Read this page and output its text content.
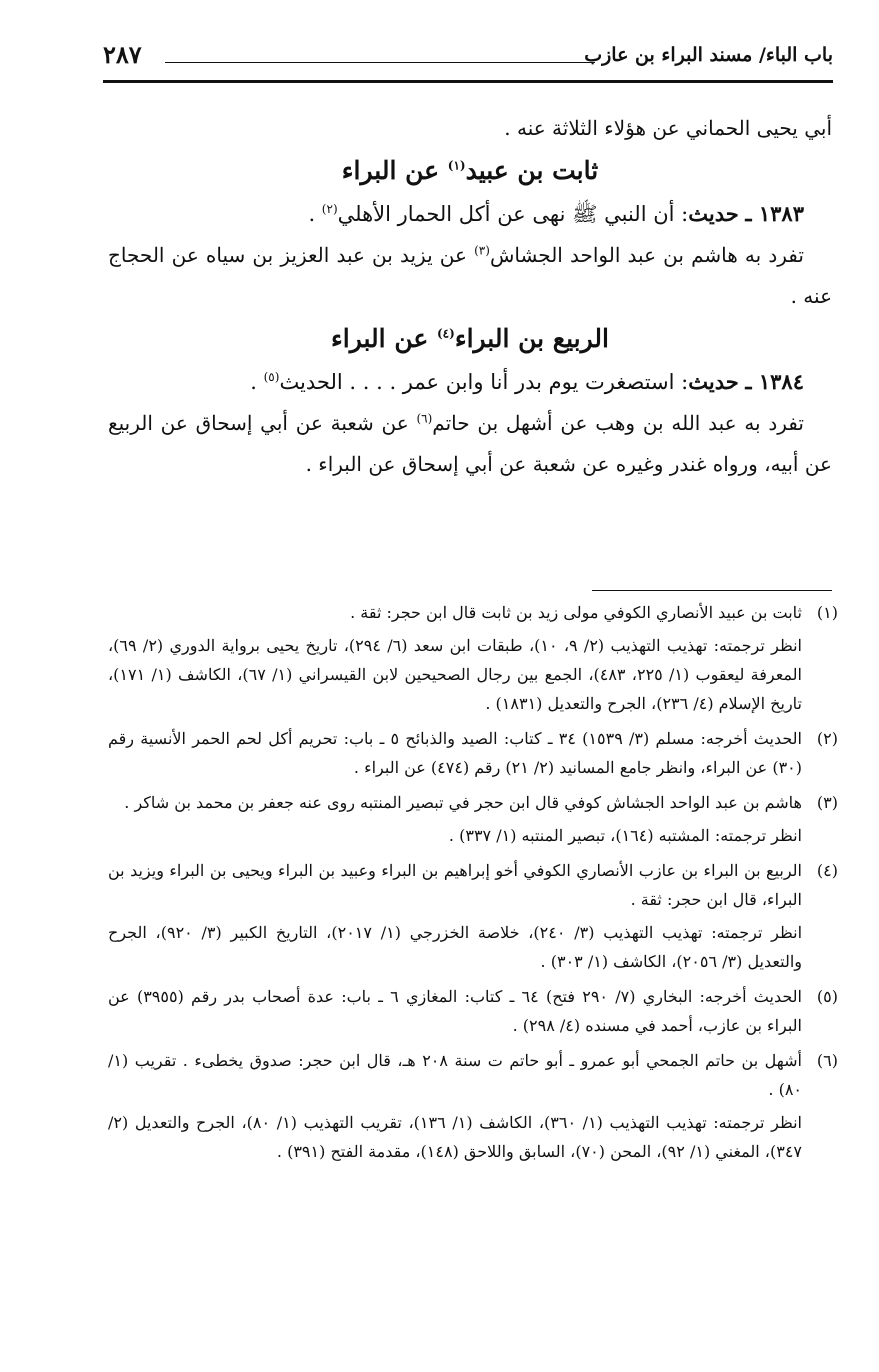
باب الباء/ مسند البراء بن عازب
٢٨٧

أبي يحيى الحماني عن هؤلاء الثلاثة عنه .

ثابت بن عبيد$^{(١)}$ عن البراء

١٣٨٣ ـ حديث: أن النبي ﷺ نهى عن أكل الحمار الأهلي$^{(٢)}$ .

تفرد به هاشم بن عبد الواحد الجشاش$^{(٣)}$ عن يزيد بن عبد العزيز بن سياه عن الحجاج عنه .

الربيع بن البراء$^{(٤)}$ عن البراء

١٣٨٤ ـ حديث: استصغرت يوم بدر أنا وابن عمر . . . . الحديث$^{(٥)}$ .

تفرد به عبد الله بن وهب عن أشهل بن حاتم$^{(٦)}$ عن شعبة عن أبي إسحاق عن الربيع عن أبيه، ورواه غندر وغيره عن شعبة عن أبي إسحاق عن البراء .

(١)

ثابت بن عبيد الأنصاري الكوفي مولى زيد بن ثابت قال ابن حجر: ثقة .

انظر ترجمته: تهذيب التهذيب (٢/ ٩، ١٠)، طبقات ابن سعد (٦/ ٢٩٤)، تاريخ يحيى برواية الدوري (٢/ ٦٩)، المعرفة ليعقوب (١/ ٢٢٥، ٤٨٣)، الجمع بين رجال الصحيحين لابن القيسراني (١/ ٦٧)، الكاشف (١/ ١٧١)، تاريخ الإسلام (٤/ ٢٣٦)، الجرح والتعديل (١٨٣١) .

(٢)

الحديث أخرجه: مسلم (٣/ ١٥٣٩) ٣٤ ـ كتاب: الصيد والذبائح ٥ ـ باب: تحريم أكل لحم الحمر الأنسية رقم (٣٠) عن البراء، وانظر جامع المسانيد (٢/ ٢١) رقم (٤٧٤) عن البراء .

(٣)

هاشم بن عبد الواحد الجشاش كوفي قال ابن حجر في تبصير المنتبه روى عنه جعفر بن محمد بن شاكر .

انظر ترجمته: المشتبه (١٦٤)، تبصير المنتبه (١/ ٣٣٧) .

(٤)

الربيع بن البراء بن عازب الأنصاري الكوفي أخو إبراهيم بن البراء وعبيد بن البراء ويحيى بن البراء ويزيد بن البراء، قال ابن حجر: ثقة .

انظر ترجمته: تهذيب التهذيب (٣/ ٢٤٠)، خلاصة الخزرجي (١/ ٢٠١٧)، التاريخ الكبير (٣/ ٩٢٠)، الجرح والتعديل (٣/ ٢٠٥٦)، الكاشف (١/ ٣٠٣) .

(٥)

الحديث أخرجه: البخاري (٧/ ٢٩٠ فتح) ٦٤ ـ كتاب: المغازي ٦ ـ باب: عدة أصحاب بدر رقم (٣٩٥٥) عن البراء بن عازب، أحمد في مسنده (٤/ ٢٩٨) .

(٦)

أشهل بن حاتم الجمحي أبو عمرو ـ أبو حاتم ت سنة ٢٠٨ هـ، قال ابن حجر: صدوق يخطىء . تقريب (١/ ٨٠) .

انظر ترجمته: تهذيب التهذيب (١/ ٣٦٠)، الكاشف (١/ ١٣٦)، تقريب التهذيب (١/ ٨٠)، الجرح والتعديل (٢/ ٣٤٧)، المغني (١/ ٩٢)، المحن (٧٠)، السابق واللاحق (١٤٨)، مقدمة الفتح (٣٩١) .
